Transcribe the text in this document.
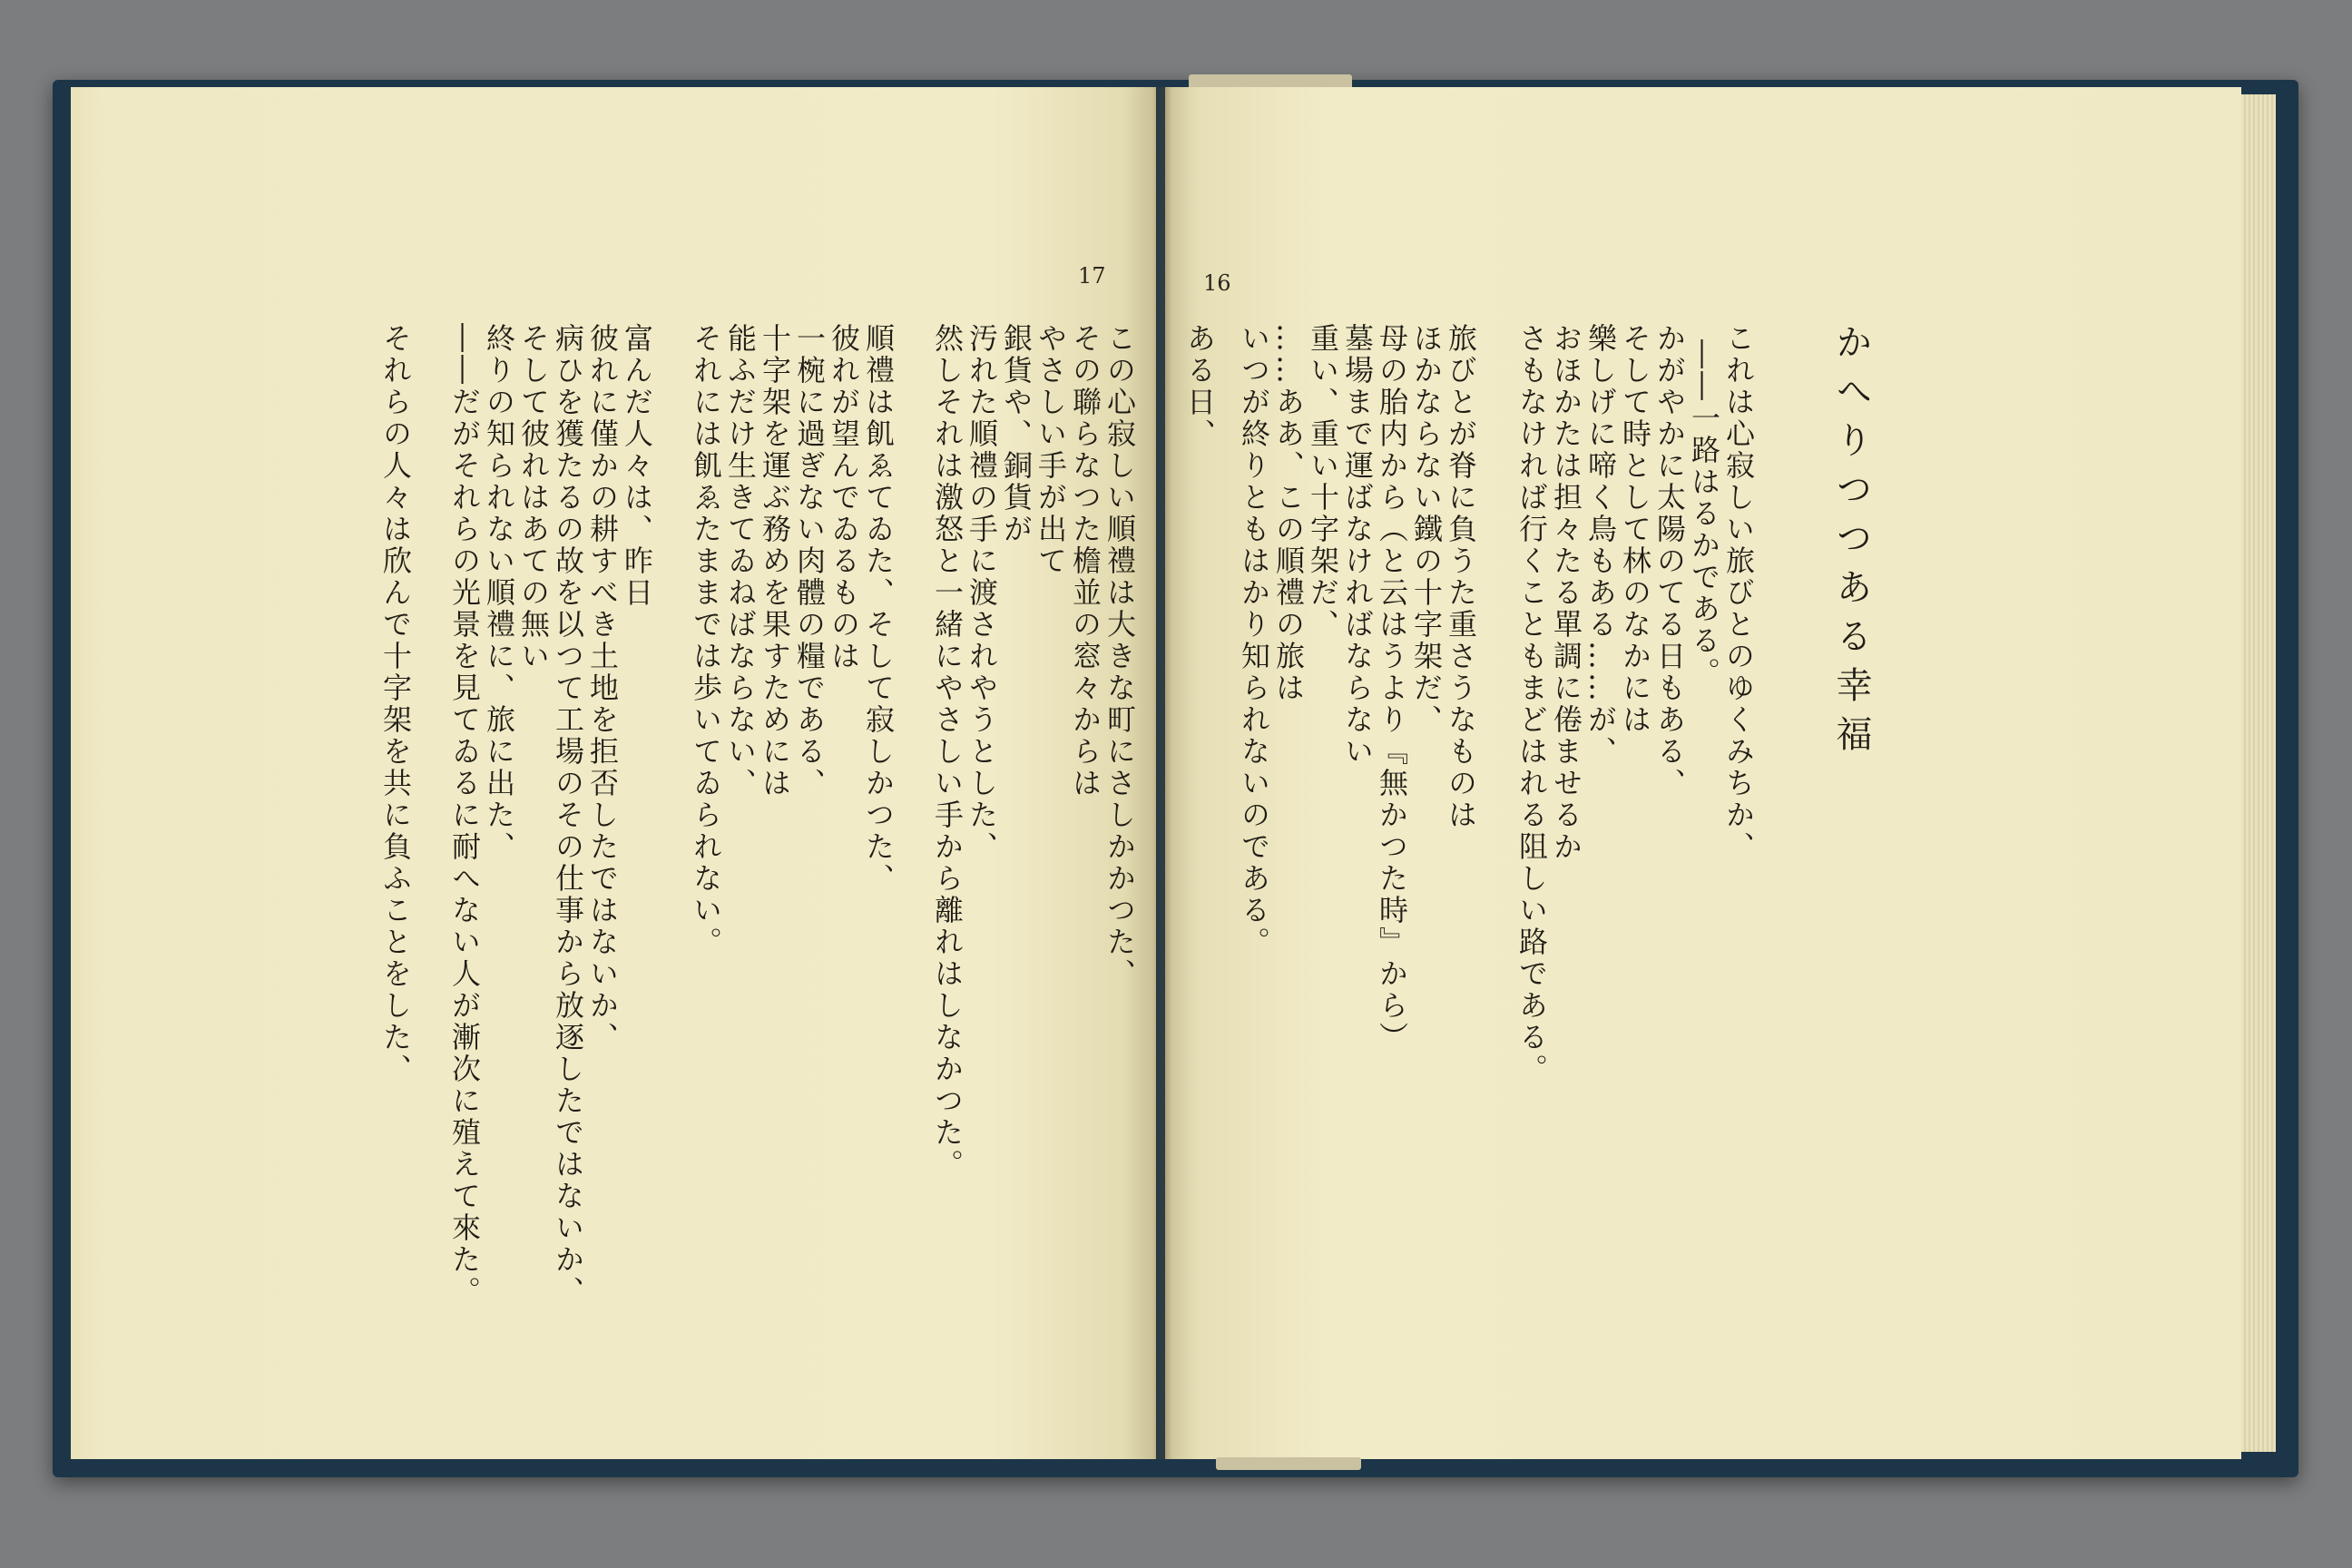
17	16
かへりつつある幸福
これは心寂しい旅びとのゆくみちか、
――一路はるかである。
かがやかに太陽のてる日もある、
そして時として林のなかには
樂しげに啼く鳥もある……が、
おほかたは担々たる單調に倦ませるか
さもなければ行くこともまどはれる阻しい路である。
旅びとが脊に負うた重さうなものは
ほかならない鐵の十字架だ、
母の胎内から（と云はうより『無かつた時』から）
墓場まで運ばなければならない
重い、重い十字架だ、
……ああ、この順禮の旅は
いつが終りともはかり知られないのである。
ある日、
この心寂しい順禮は大きな町にさしかかつた、
その聯らなつた檐並の窓々からは
やさしい手が出て
銀貨や、銅貨が
汚れた順禮の手に渡されやうとした、
然しそれは激怒と一緒にやさしい手から離れはしなかつた。
順禮は飢ゑてゐた、そして寂しかつた、
彼れが望んでゐるものは
一椀に過ぎない肉體の糧である、
十字架を運ぶ務めを果すためには
能ふだけ生きてゐねばならない、
それには飢ゑたままでは歩いてゐられない。
富んだ人々は、昨日
彼れに僅かの耕すべき土地を拒否したではないか、
病ひを獲たるの故を以つて工場のその仕事から放逐したではないか、
そして彼れはあての無い
終りの知られない順禮に、旅に出た、
――だがそれらの光景を見てゐるに耐へない人が漸次に殖えて來た。
それらの人々は欣んで十字架を共に負ふことをした、
